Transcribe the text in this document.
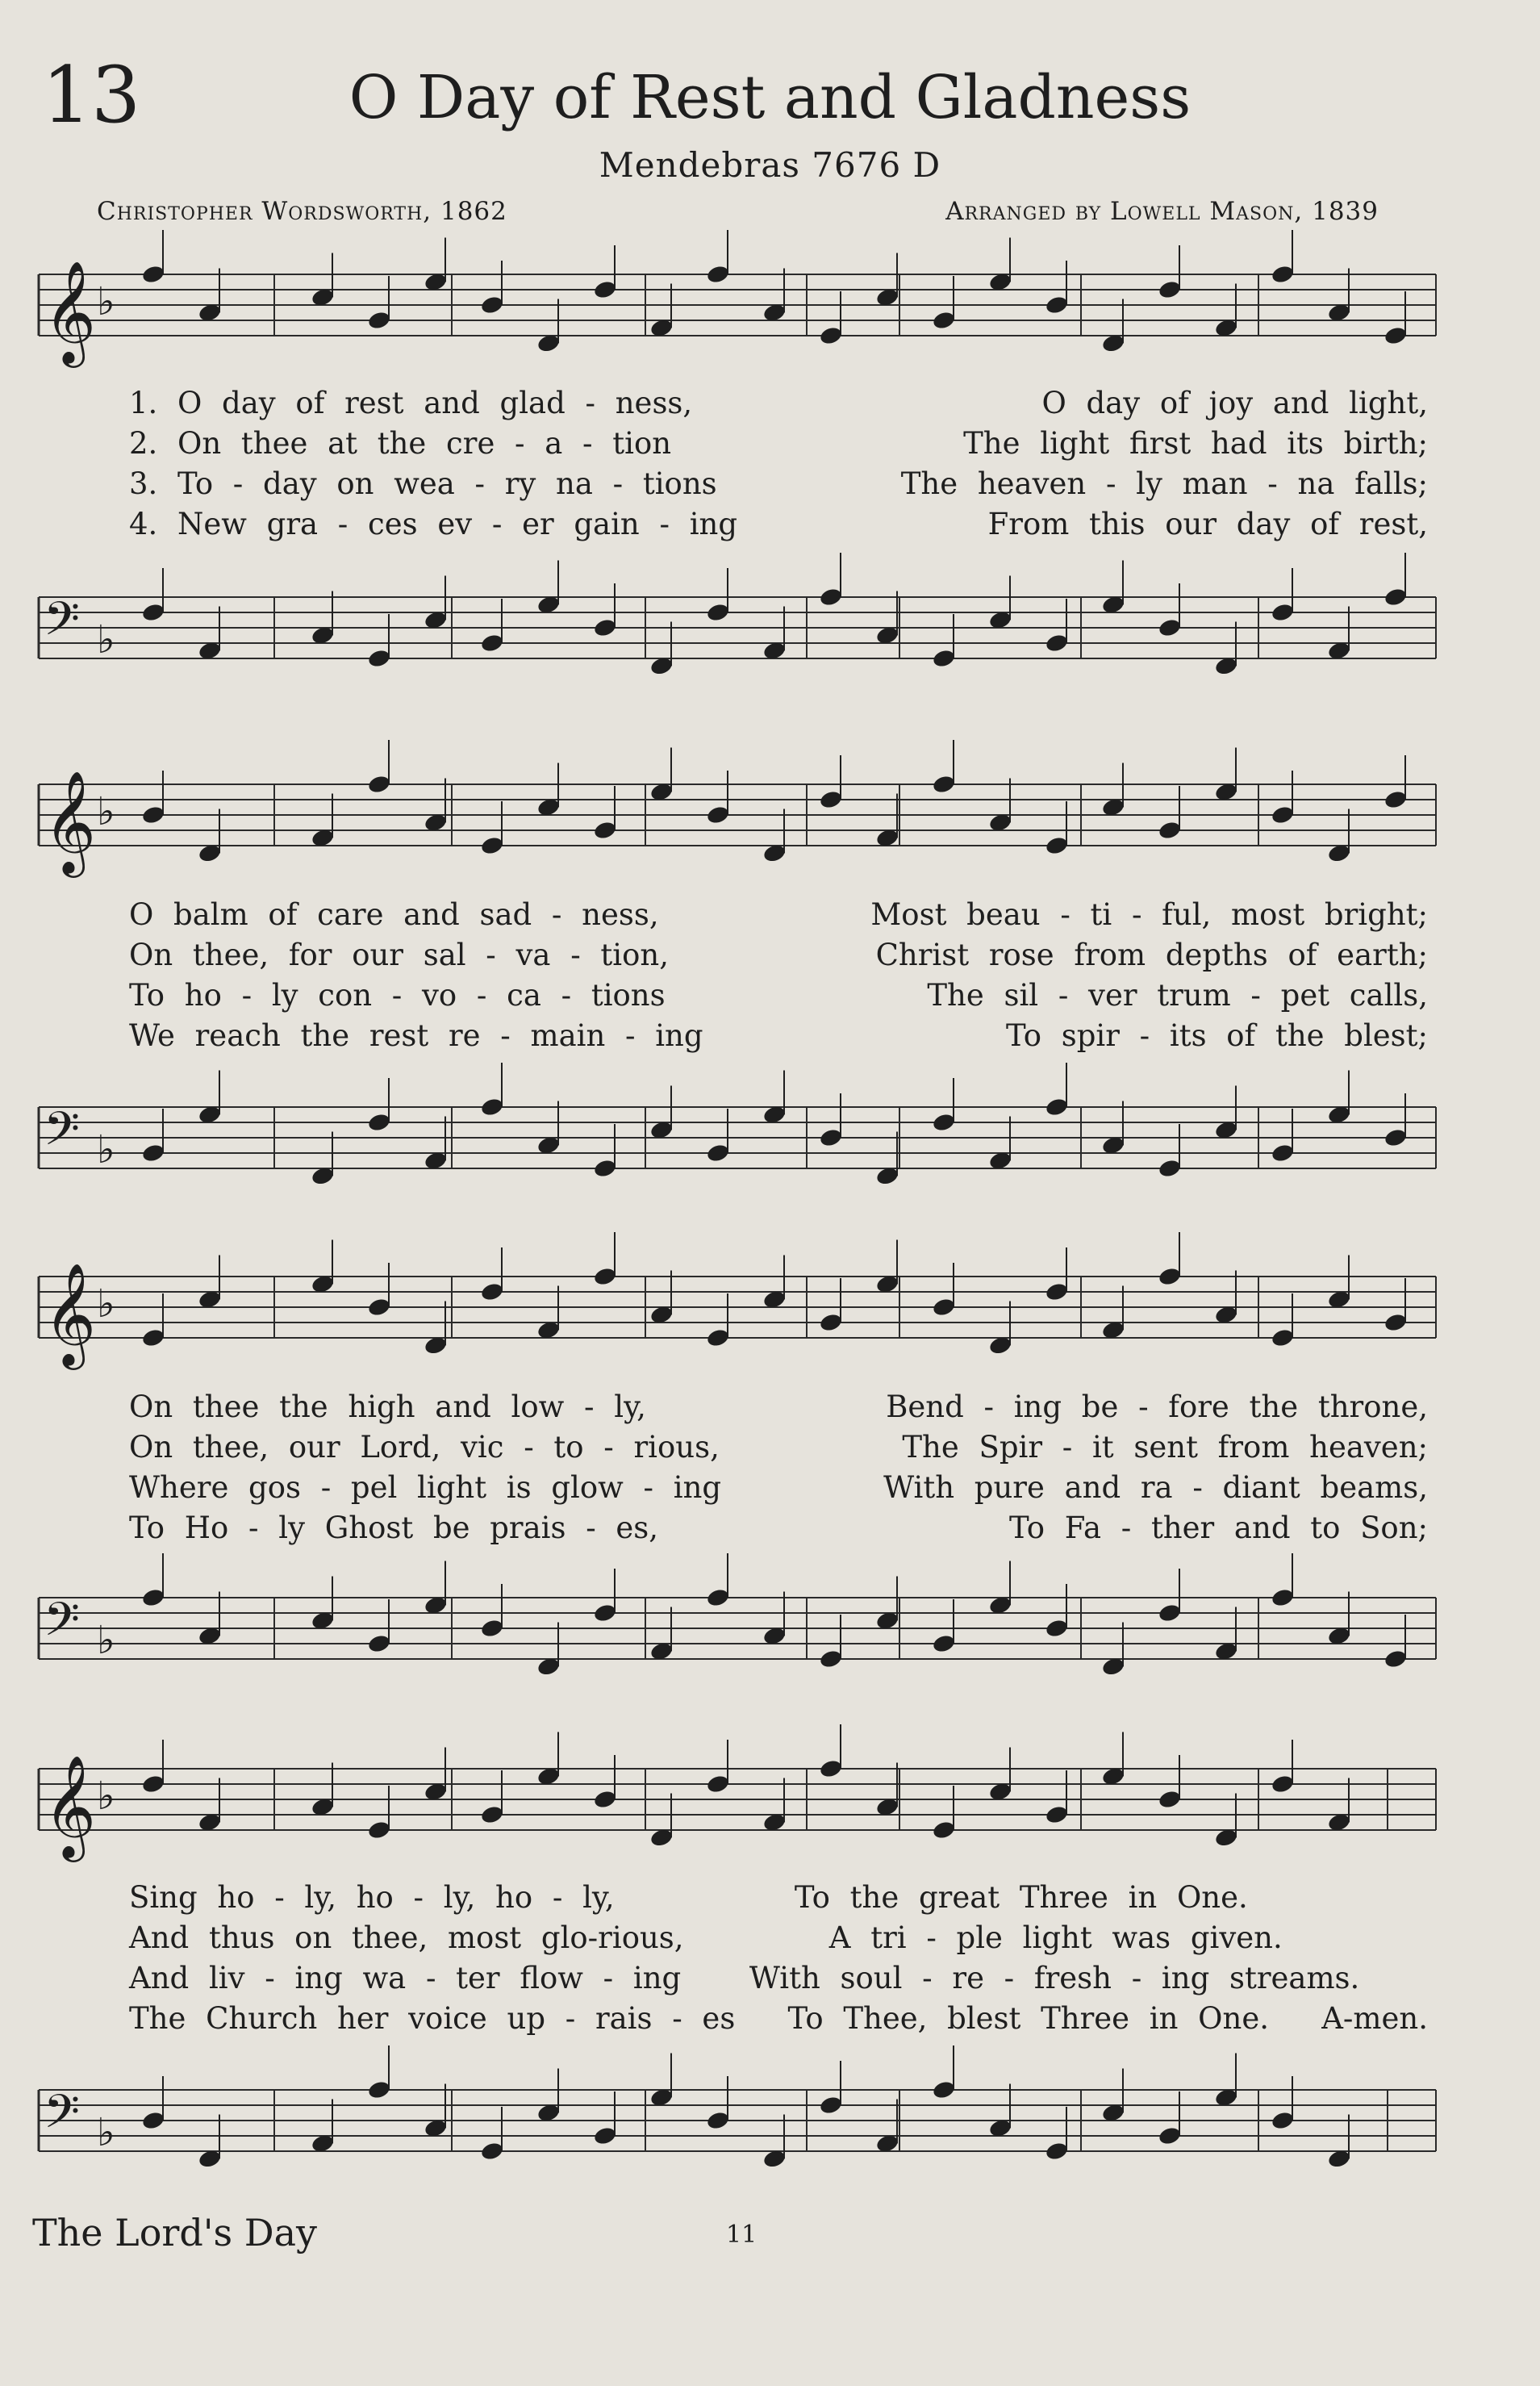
13	O Day of Rest and Gladness
Mendebras 7676 D
Christopher Wordsworth, 1862	Arranged by Lowell Mason, 1839
𝄞 ♭
1. O day of rest and glad - ness,	O day of joy and light,
2. On thee at the cre - a - tion	The light first had its birth;
3. To - day on wea - ry na - tions	The heaven - ly man - na falls;
4. New gra - ces ev - er gain - ing	From this our day of rest,
𝄢 ♭
𝄞 ♭
O balm of care and sad - ness,	Most beau - ti - ful, most bright;
On thee, for our sal - va - tion,	Christ rose from depths of earth;
To ho - ly con - vo - ca - tions	The sil - ver trum - pet calls,
We reach the rest re - main - ing	To spir - its of the blest;
𝄢 ♭
𝄞 ♭
On thee the high and low - ly,	Bend - ing be - fore the throne,
On thee, our Lord, vic - to - rious,	The Spir - it sent from heaven;
Where gos - pel light is glow - ing	With pure and ra - diant beams,
To Ho - ly Ghost be prais - es,	To Fa - ther and to Son;
𝄢 ♭
𝄞 ♭
Sing ho - ly, ho - ly, ho - ly,	To the great Three in One.
And thus on thee, most glo-rious,	A tri - ple light was given.
And liv - ing wa - ter flow - ing With soul - re - fresh - ing streams.
The Church her voice up - rais - es To Thee, blest Three in One. A-men.
𝄢 ♭
The Lord's Day	11
